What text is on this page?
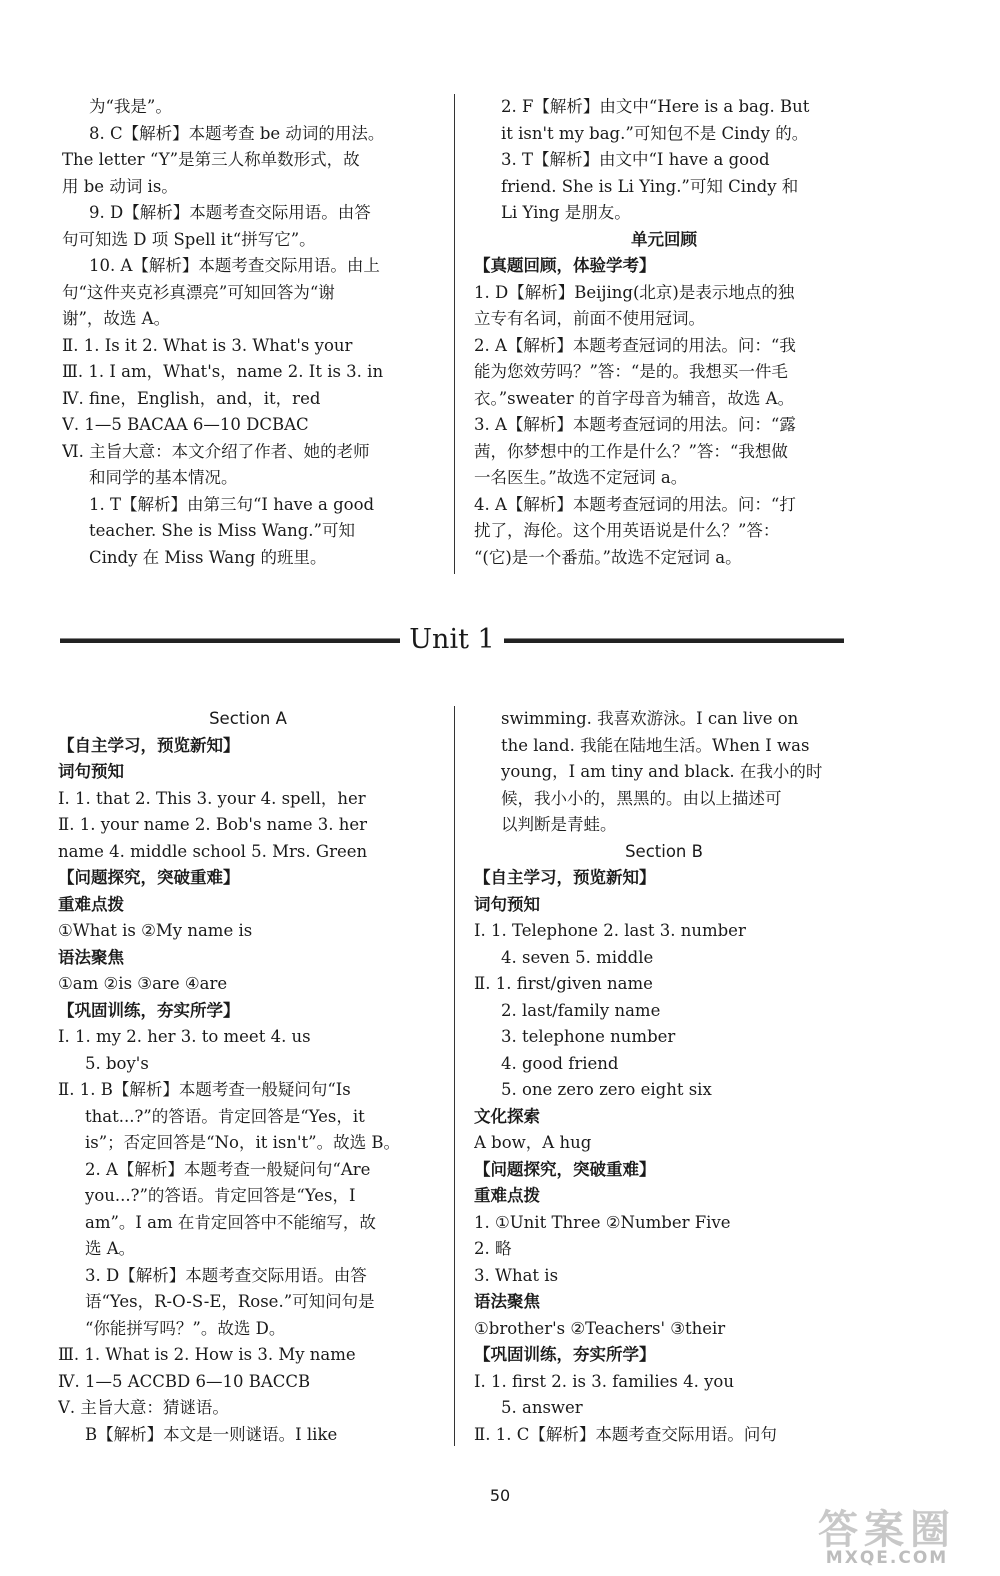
为“我是”。
8. C【解析】本题考查 be 动词的用法。
The letter “Y”是第三人称单数形式，故
用 be 动词 is。
9. D【解析】本题考查交际用语。由答
句可知选 D 项 Spell it“拼写它”。
10. A【解析】本题考查交际用语。由上
句“这件夹克衫真漂亮”可知回答为“谢
谢”，故选 A。
Ⅱ. 1. Is it 2. What is 3. What's your
Ⅲ. 1. I am，What's，name 2. It is 3. in
Ⅳ. fine，English，and，it，red
Ⅴ. 1—5 BACAA 6—10 DCBAC
Ⅵ. 主旨大意：本文介绍了作者、她的老师
和同学的基本情况。
1. T【解析】由第三句“I have a good
teacher. She is Miss Wang.”可知
Cindy 在 Miss Wang 的班里。
2. F【解析】由文中“Here is a bag. But
it isn't my bag.”可知包不是 Cindy 的。
3. T【解析】由文中“I have a good
friend. She is Li Ying.”可知 Cindy 和
Li Ying 是朋友。
单元回顾
【真题回顾，体验学考】
1. D【解析】Beijing(北京)是表示地点的独
立专有名词，前面不使用冠词。
2. A【解析】本题考查冠词的用法。问：“我
能为您效劳吗？”答：“是的。我想买一件毛
衣。”sweater 的首字母音为辅音，故选 A。
3. A【解析】本题考查冠词的用法。问：“露
茜，你梦想中的工作是什么？”答：“我想做
一名医生。”故选不定冠词 a。
4. A【解析】本题考查冠词的用法。问：“打
扰了，海伦。这个用英语说是什么？”答：
“(它)是一个番茄。”故选不定冠词 a。
Unit 1
Section A
【自主学习，预览新知】
词句预知
Ⅰ. 1. that 2. This 3. your 4. spell，her
Ⅱ. 1. your name 2. Bob's name 3. her
name 4. middle school 5. Mrs. Green
【问题探究，突破重难】
重难点拨
①What is ②My name is
语法聚焦
①am ②is ③are ④are
【巩固训练，夯实所学】
Ⅰ. 1. my 2. her 3. to meet 4. us
5. boy's
Ⅱ. 1. B【解析】本题考查一般疑问句“Is
that...?”的答语。肯定回答是“Yes，it
is”；否定回答是“No，it isn't”。故选 B。
2. A【解析】本题考查一般疑问句“Are
you...?”的答语。肯定回答是“Yes，I
am”。I am 在肯定回答中不能缩写，故
选 A。
3. D【解析】本题考查交际用语。由答
语“Yes，R-O-S-E，Rose.”可知问句是
“你能拼写吗？”。故选 D。
Ⅲ. 1. What is 2. How is 3. My name
Ⅳ. 1—5 ACCBD 6—10 BACCB
Ⅴ. 主旨大意：猜谜语。
B【解析】本文是一则谜语。I like
swimming. 我喜欢游泳。I can live on
the land. 我能在陆地生活。When I was
young，I am tiny and black. 在我小的时
候，我小小的，黑黑的。由以上描述可
以判断是青蛙。
Section B
【自主学习，预览新知】
词句预知
Ⅰ. 1. Telephone 2. last 3. number
4. seven 5. middle
Ⅱ. 1. first/given name
2. last/family name
3. telephone number
4. good friend
5. one zero zero eight six
文化探索
A bow，A hug
【问题探究，突破重难】
重难点拨
1. ①Unit Three ②Number Five
2. 略
3. What is
语法聚焦
①brother's ②Teachers' ③their
【巩固训练，夯实所学】
Ⅰ. 1. first 2. is 3. families 4. you
5. answer
Ⅱ. 1. C【解析】本题考查交际用语。问句
50
答案圈
MXQE.COM
